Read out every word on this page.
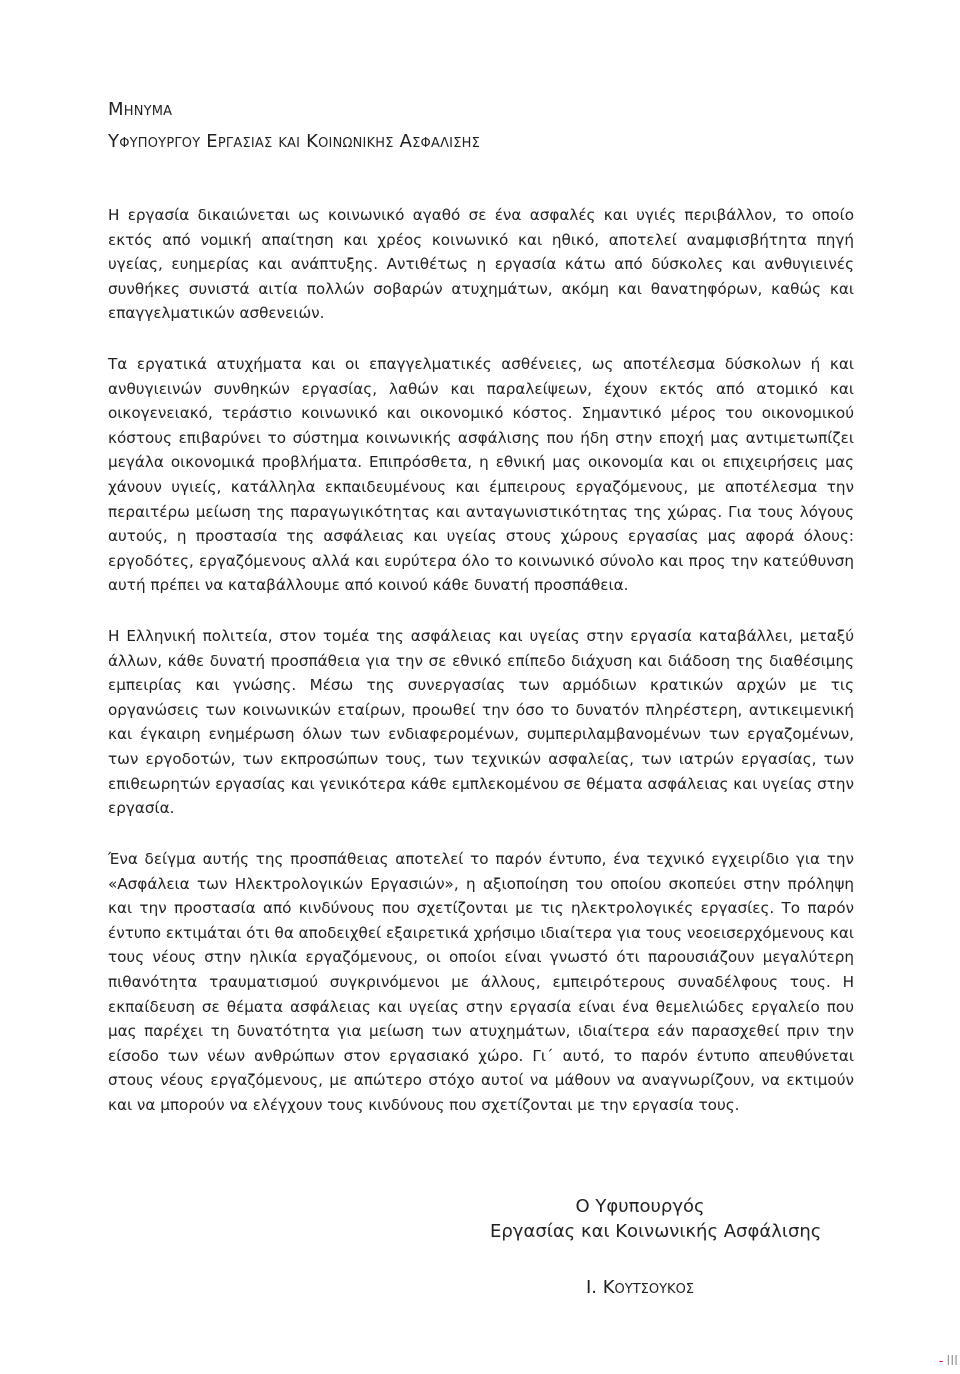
Μηνυμα
Υφυπουργου Εργασιας και Κοινωνικης Ασφαλισης
Η εργασία δικαιώνεται ως κοινωνικό αγαθό σε ένα ασφαλές και υγιές περιβάλλον, το οποίο εκτός από νομική απαίτηση και χρέος κοινωνικό και ηθικό, αποτελεί αναμφισβήτητα πηγή υγείας, ευημερίας και ανάπτυξης. Αντιθέτως η εργασία κάτω από δύσκολες και ανθυγιεινές συνθήκες συνιστά αιτία πολλών σοβαρών ατυχημάτων, ακόμη και θανατηφόρων, καθώς και επαγγελματικών ασθενειών.
Τα εργατικά ατυχήματα και οι επαγγελματικές ασθένειες, ως αποτέλεσμα δύσκολων ή και ανθυγιεινών συνθηκών εργασίας, λαθών και παραλείψεων, έχουν εκτός από ατομικό και οικογενειακό, τεράστιο κοινωνικό και οικονομικό κόστος. Σημαντικό μέρος του οικονομικού κόστους επιβαρύνει το σύστημα κοινωνικής ασφάλισης που ήδη στην εποχή μας αντιμετωπίζει μεγάλα οικονομικά προβλήματα. Επιπρόσθετα, η εθνική μας οικονομία και οι επιχειρήσεις μας χάνουν υγιείς, κατάλληλα εκπαιδευμένους και έμπειρους εργαζόμενους, με αποτέλεσμα την περαιτέρω μείωση της παραγωγικότητας και ανταγωνιστικότητας της χώρας. Για τους λόγους αυτούς, η προστασία της ασφάλειας και υγείας στους χώρους εργασίας μας αφορά όλους: εργοδότες, εργαζόμενους αλλά και ευρύτερα όλο το κοινωνικό σύνολο και προς την κατεύθυνση αυτή πρέπει να καταβάλλουμε από κοινού κάθε δυνατή προσπάθεια.
Η Ελληνική πολιτεία, στον τομέα της ασφάλειας και υγείας στην εργασία καταβάλλει, μεταξύ άλλων, κάθε δυνατή προσπάθεια για την σε εθνικό επίπεδο διάχυση και διάδοση της διαθέσιμης εμπειρίας και γνώσης. Μέσω της συνεργασίας των αρμόδιων κρατικών αρχών με τις οργανώσεις των κοινωνικών εταίρων, προωθεί την όσο το δυνατόν πληρέστερη, αντικειμενική και έγκαιρη ενημέρωση όλων των ενδιαφερομένων, συμπεριλαμβανομένων των εργαζομένων, των εργοδοτών, των εκπροσώπων τους, των τεχνικών ασφαλείας, των ιατρών εργασίας, των επιθεωρητών εργασίας και γενικότερα κάθε εμπλεκομένου σε θέματα ασφάλειας και υγείας στην εργασία.
Ένα δείγμα αυτής της προσπάθειας αποτελεί το παρόν έντυπο, ένα τεχνικό εγχειρίδιο για την «Ασφάλεια των Ηλεκτρολογικών Εργασιών», η αξιοποίηση του οποίου σκοπεύει στην πρόληψη και την προστασία από κινδύνους που σχετίζονται με τις ηλεκτρολογικές εργασίες. Το παρόν έντυπο εκτιμάται ότι θα αποδειχθεί εξαιρετικά χρήσιμο ιδιαίτερα για τους νεοεισερχόμενους και τους νέους στην ηλικία εργαζόμενους, οι οποίοι είναι γνωστό ότι παρουσιάζουν μεγαλύτερη πιθανότητα τραυματισμού συγκρινόμενοι με άλλους, εμπειρότερους συναδέλφους τους. Η εκπαίδευση σε θέματα ασφάλειας και υγείας στην εργασία είναι ένα θεμελιώδες εργαλείο που μας παρέχει τη δυνατότητα για μείωση των ατυχημάτων, ιδιαίτερα εάν παρασχεθεί πριν την είσοδο των νέων ανθρώπων στον εργασιακό χώρο. Γι΄ αυτό, το παρόν έντυπο απευθύνεται στους νέους εργαζόμενους, με απώτερο στόχο αυτοί να μάθουν να αναγνωρίζουν, να εκτιμούν και να μπορούν να ελέγχουν τους κινδύνους που σχετίζονται με την εργασία τους.
Ο Υφυπουργός
Εργασίας και Κοινωνικής Ασφάλισης
Ι. Κουτσουκος
- III
